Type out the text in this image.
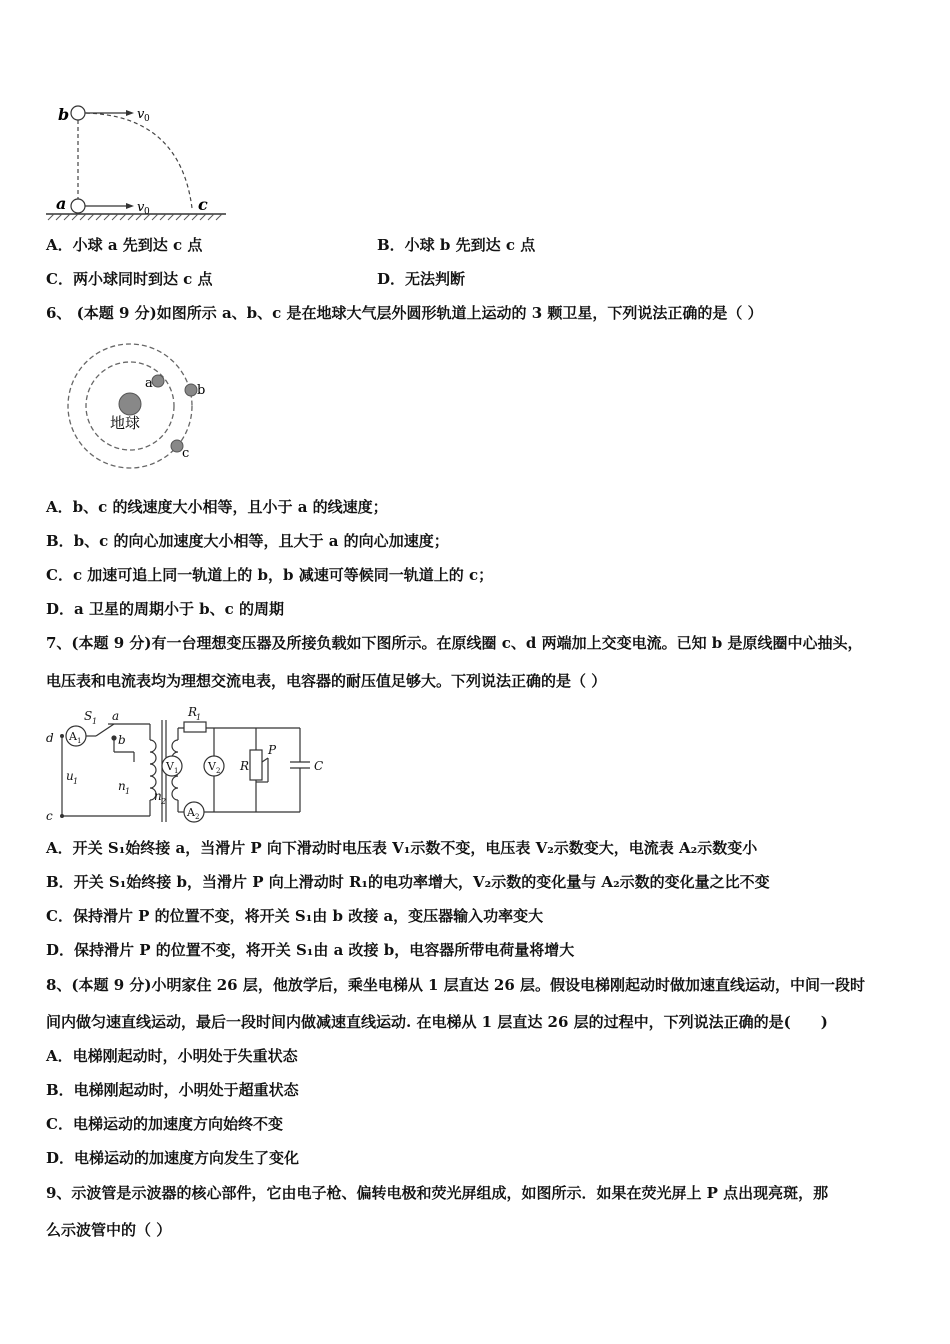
b
a	c
v 0
v 0
A．小球 a 先到达 c 点	B．小球 b 先到达 c 点
C．两小球同时到达 c 点	D．无法判断
6、 (本题 9 分)如图所示 a、b、c 是在地球大气层外圆形轨道上运动的 3 颗卫星，下列说法正确的是（ ）
地球
a	b
c
A．b、c 的线速度大小相等，且小于 a 的线速度；
B．b、c 的向心加速度大小相等，且大于 a 的向心加速度；
C．c 加速可追上同一轨道上的 b，b 减速可等候同一轨道上的 c；
D．a 卫星的周期小于 b、c 的周期
7、(本题 9 分)有一台理想变压器及所接负载如下图所示。在原线圈 c、d 两端加上交变电流。已知 b 是原线圈中心抽头，
电压表和电流表均为理想交流电表，电容器的耐压值足够大。下列说法正确的是（ ）
d
c
S 1 a
b
u 1	n 1 n 2
R
1
R
P
C
A 1
V 1	V 2
A 2
A．开关 S₁始终接 a，当滑片 P 向下滑动时电压表 V₁示数不变，电压表 V₂示数变大，电流表 A₂示数变小
B．开关 S₁始终接 b，当滑片 P 向上滑动时 R₁的电功率增大，V₂示数的变化量与 A₂示数的变化量之比不变
C．保持滑片 P 的位置不变，将开关 S₁由 b 改接 a，变压器输入功率变大
D．保持滑片 P 的位置不变，将开关 S₁由 a 改接 b，电容器所带电荷量将增大
8、(本题 9 分)小明家住 26 层，他放学后，乘坐电梯从 1 层直达 26 层。假设电梯刚起动时做加速直线运动，中间一段时
间内做匀速直线运动，最后一段时间内做减速直线运动. 在电梯从 1 层直达 26 层的过程中，下列说法正确的是(　　)
A．电梯刚起动时，小明处于失重状态
B．电梯刚起动时，小明处于超重状态
C．电梯运动的加速度方向始终不变
D．电梯运动的加速度方向发生了变化
9、示波管是示波器的核心部件，它由电子枪、偏转电极和荧光屏组成，如图所示．如果在荧光屏上 P 点出现亮斑，那
么示波管中的（ ）
